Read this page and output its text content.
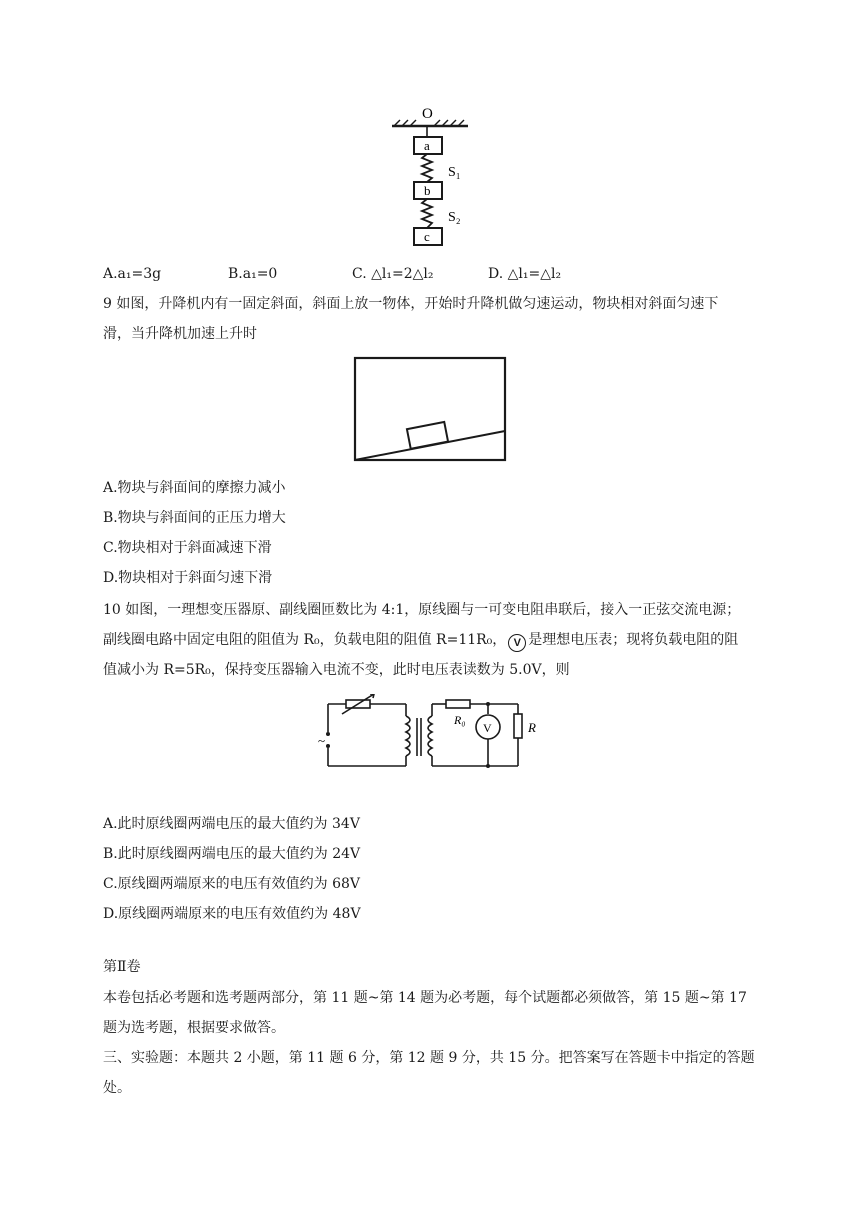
O
a
S₁
b
S₂
c
A.a₁=3g	B.a₁=0	C. △l₁=2△l₂	D. △l₁=△l₂
9 如图，升降机内有一固定斜面，斜面上放一物体，开始时升降机做匀速运动，物块相对斜面匀速下
滑，当升降机加速上升时
A.物块与斜面间的摩擦力减小
B.物块与斜面间的正压力增大
C.物块相对于斜面减速下滑
D.物块相对于斜面匀速下滑
10 如图，一理想变压器原、副线圈匝数比为 4:1，原线圈与一可变电阻串联后，接入一正弦交流电源；
副线圈电路中固定电阻的阻值为 R₀，负载电阻的阻值 R=11R₀， V 是理想电压表；现将负载电阻的阻
值减小为 R=5R₀，保持变压器输入电流不变，此时电压表读数为 5.0V，则
~
R₀
V	R
A.此时原线圈两端电压的最大值约为 34V
B.此时原线圈两端电压的最大值约为 24V
C.原线圈两端原来的电压有效值约为 68V
D.原线圈两端原来的电压有效值约为 48V
第Ⅱ卷
本卷包括必考题和选考题两部分，第 11 题~第 14 题为必考题，每个试题都必须做答，第 15 题~第 17 题为选考题，根据要求做答。
三、实验题：本题共 2 小题，第 11 题 6 分，第 12 题 9 分，共 15 分。把答案写在答题卡中指定的答题处。
